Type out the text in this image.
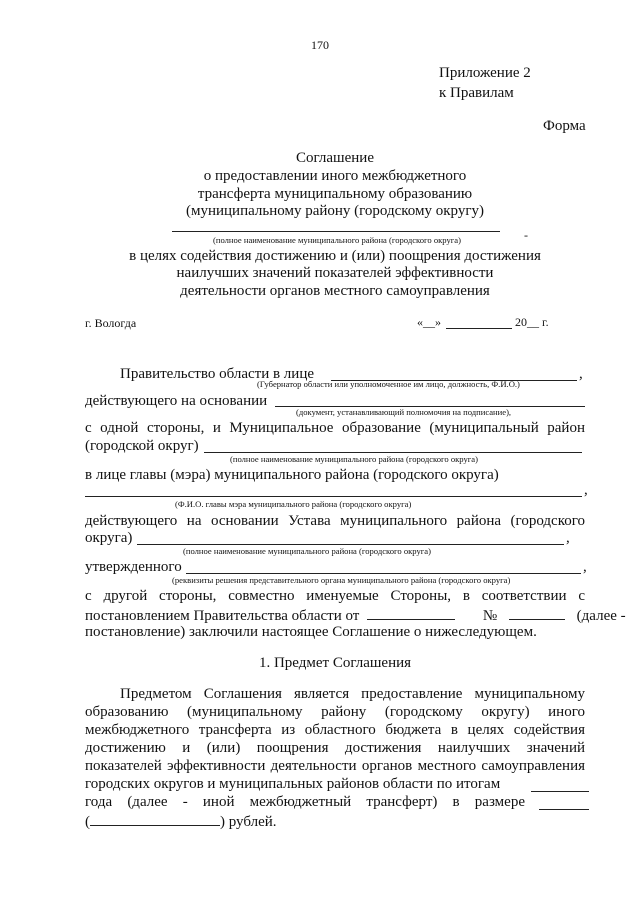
170
Приложение 2
к Правилам
Форма
Соглашение
о предоставлении иного межбюджетного
трансферта муниципальному образованию
(муниципальному району (городскому округу)
(полное наименование муниципального района (городского округа)	-
в целях содействия достижению и (или) поощрения достижения
наилучших значений показателей эффективности
деятельности органов местного самоуправления
г. Вологда	«__»	20__ г.
Правительство области в лице	,
(Губернатор области или уполномоченное им лицо, должность, Ф.И.О.)
действующего на основании
(документ, устанавливающий полномочия на подписание),
с одной стороны, и Муниципальное образование (муниципальный район
(городской округ)
(полное наименование муниципального района (городского округа)
в лице главы (мэра) муниципального района (городского округа)
,
(Ф.И.О. главы мэра муниципального района (городского округа)
действующего на основании Устава муниципального района (городского
округа)	,
(полное наименование муниципального района (городского округа)
утвержденного	,
(реквизиты решения представительного органа муниципального района (городского округа)
с другой стороны, совместно именуемые Стороны, в соответствии с
постановлением Правительства области от	№	(далее -
постановление) заключили настоящее Соглашение о нижеследующем.
1. Предмет Соглашения
Предметом Соглашения является предоставление муниципальному
образованию (муниципальному району (городскому округу) иного
межбюджетного трансферта из областного бюджета в целях содействия
достижению и (или) поощрения достижения наилучших значений
показателей эффективности деятельности органов местного самоуправления
городских округов и муниципальных районов области по итогам
года (далее - иной межбюджетный трансферт) в размере
(	) рублей.
